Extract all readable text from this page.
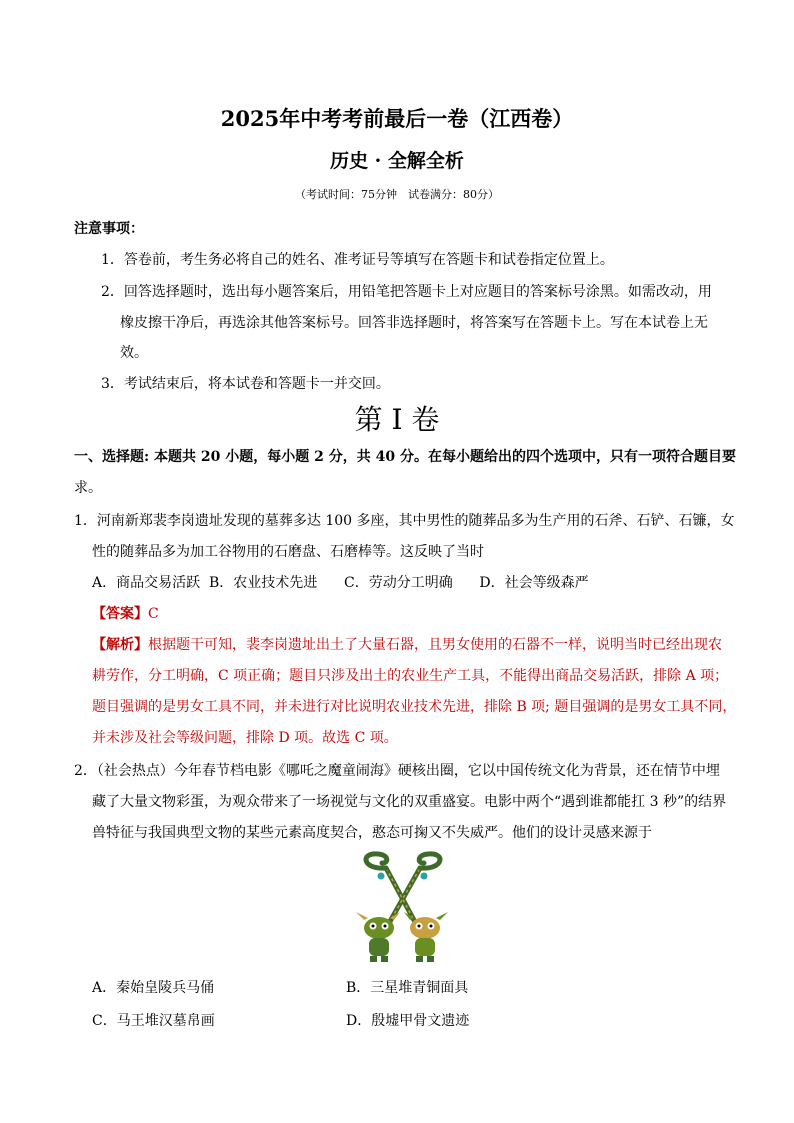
2025年中考考前最后一卷（江西卷）
历史 · 全解全析
（考试时间：75分钟　试卷满分：80分）
注意事项：
1．答卷前，考生务必将自己的姓名、准考证号等填写在答题卡和试卷指定位置上。
2．回答选择题时，选出每小题答案后，用铅笔把答题卡上对应题目的答案标号涂黑。如需改动，用
橡皮擦干净后，再选涂其他答案标号。回答非选择题时，将答案写在答题卡上。写在本试卷上无
效。
3．考试结束后，将本试卷和答题卡一并交回。
第 I 卷
一、选择题: 本题共 20 小题，每小题 2 分，共 40 分。在每小题给出的四个选项中，只有一项符合题目要
求。
1．河南新郑裴李岗遗址发现的墓葬多达 100 多座，其中男性的随葬品多为生产用的石斧、石铲、石镰，女
性的随葬品多为加工谷物用的石磨盘、石磨棒等。这反映了当时
A．商品交易活跃  B．农业技术先进      C．劳动分工明确      D．社会等级森严
【答案】C
【解析】根据题干可知，裴李岗遗址出土了大量石器，且男女使用的石器不一样，说明当时已经出现农
耕劳作，分工明确，C 项正确；题目只涉及出土的农业生产工具，不能得出商品交易活跃，排除 A 项；
题目强调的是男女工具不同，并未进行对比说明农业技术先进，排除 B 项; 题目强调的是男女工具不同，
并未涉及社会等级问题，排除 D 项。故选 C 项。
2．（社会热点）今年春节档电影《哪吒之魔童闹海》硬核出圈，它以中国传统文化为背景，还在情节中埋
藏了大量文物彩蛋，为观众带来了一场视觉与文化的双重盛宴。电影中两个“遇到谁都能扛 3 秒”的结界
兽特征与我国典型文物的某些元素高度契合，憨态可掬又不失威严。他们的设计灵感来源于
A．秦始皇陵兵马俑	B．三星堆青铜面具
C．马王堆汉墓帛画	D．殷墟甲骨文遗迹
